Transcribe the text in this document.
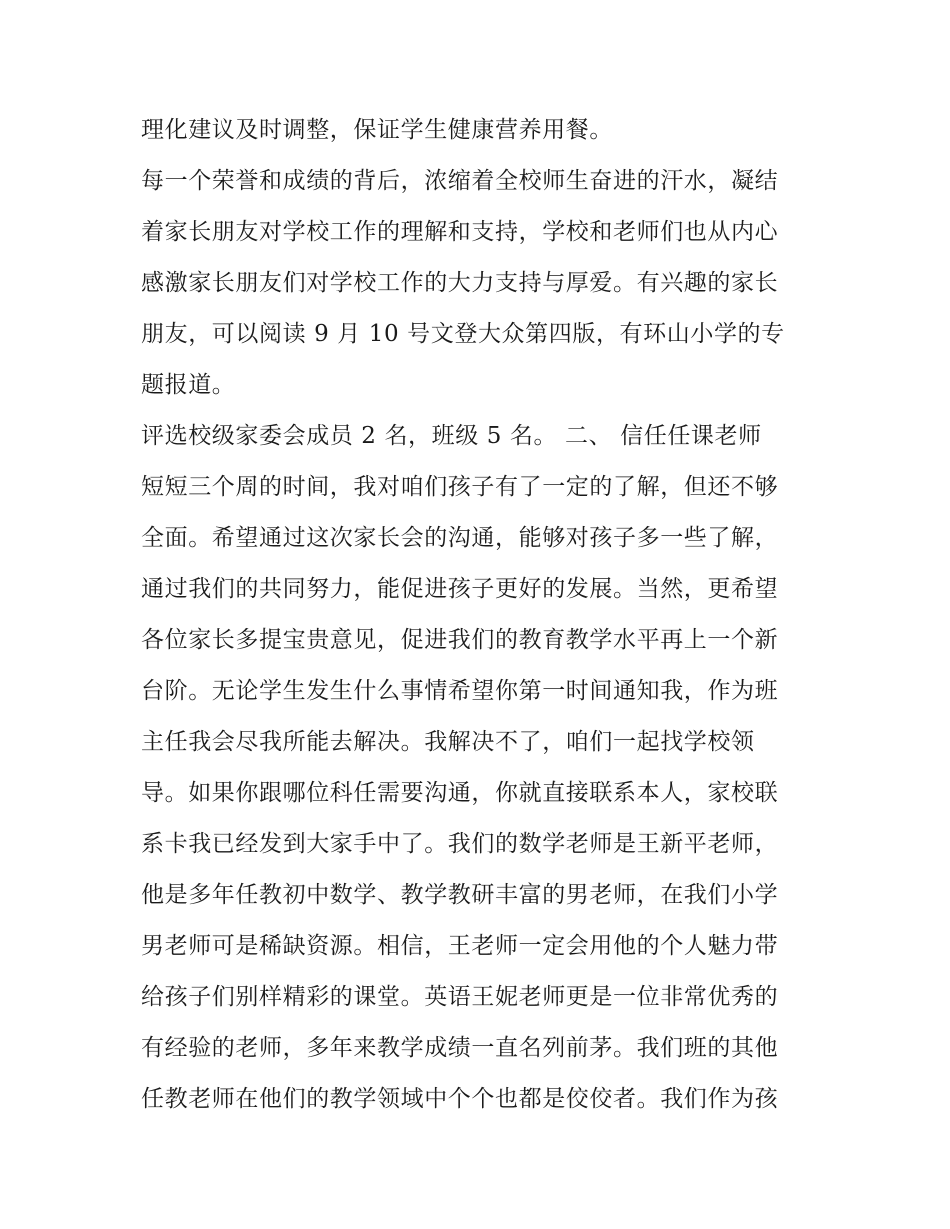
理化建议及时调整，保证学生健康营养用餐。
每一个荣誉和成绩的背后，浓缩着全校师生奋进的汗水，凝结
着家长朋友对学校工作的理解和支持，学校和老师们也从内心
感激家长朋友们对学校工作的大力支持与厚爱。有兴趣的家长
朋友，可以阅读 9 月 10 号文登大众第四版，有环山小学的专
题报道。
评选校级家委会成员 2 名，班级 5 名。 二、 信任任课老师
短短三个周的时间，我对咱们孩子有了一定的了解，但还不够
全面。希望通过这次家长会的沟通，能够对孩子多一些了解，
通过我们的共同努力，能促进孩子更好的发展。当然，更希望
各位家长多提宝贵意见，促进我们的教育教学水平再上一个新
台阶。无论学生发生什么事情希望你第一时间通知我，作为班
主任我会尽我所能去解决。我解决不了，咱们一起找学校领
导。如果你跟哪位科任需要沟通，你就直接联系本人，家校联
系卡我已经发到大家手中了。我们的数学老师是王新平老师，
他是多年任教初中数学、教学教研丰富的男老师，在我们小学
男老师可是稀缺资源。相信，王老师一定会用他的个人魅力带
给孩子们别样精彩的课堂。英语王妮老师更是一位非常优秀的
有经验的老师，多年来教学成绩一直名列前茅。我们班的其他
任教老师在他们的教学领域中个个也都是佼佼者。我们作为孩
